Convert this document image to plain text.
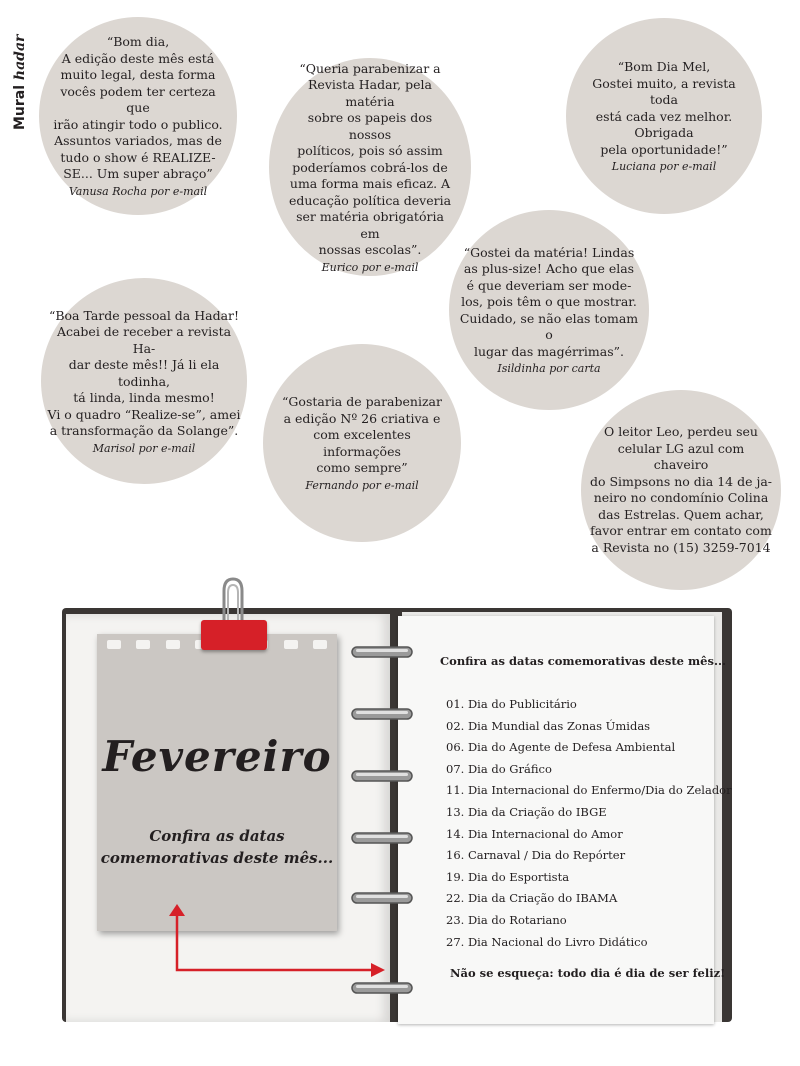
Mural hadar	“Bom dia,
A edição deste mês está
muito legal, desta forma
vocês podem ter certeza que
irão atingir todo o publico.
Assuntos variados, mas de
tudo o show é REALIZE-
SE... Um super abraço”
Vanusa Rocha por e-mail
“Queria parabenizar a
Revista Hadar, pela matéria
sobre os papeis dos nossos
políticos, pois só assim
poderíamos cobrá-los de
uma forma mais eficaz. A
educação política deveria
ser matéria obrigatória em
nossas escolas”.
Eurico por e-mail
“Bom Dia Mel,
Gostei muito, a revista toda
está cada vez melhor. Obrigada
pela oportunidade!”
Luciana por e-mail
“Gostei da matéria! Lindas
as plus-size! Acho que elas
é que deveriam ser mode-
los, pois têm o que mostrar.
Cuidado, se não elas tomam o
lugar das magérrimas”.
Isildinha por carta
“Boa Tarde pessoal da Hadar!
Acabei de receber a revista Ha-
dar deste mês!! Já li ela todinha,
tá linda, linda mesmo!
Vi o quadro “Realize-se”, amei
a transformação da Solange”.
Marisol por e-mail
“Gostaria de parabenizar
a edição Nº 26 criativa e
com excelentes informações
como sempre”
Fernando por e-mail
O leitor Leo, perdeu seu
celular LG azul com chaveiro
do Simpsons no dia 14 de ja-
neiro no condomínio Colina
das Estrelas. Quem achar,
favor entrar em contato com
a Revista no (15) 3259-7014
Fevereiro
Confira as datas
comemorativas deste mês...
Confira as datas comemorativas deste mês...
01. Dia do Publicitário
02. Dia Mundial das Zonas Úmidas
06. Dia do Agente de Defesa Ambiental
07. Dia do Gráfico
11. Dia Internacional do Enfermo/Dia do Zelador
13. Dia da Criação do IBGE
14. Dia Internacional do Amor
16. Carnaval / Dia do Repórter
19. Dia do Esportista
22. Dia da Criação do IBAMA
23. Dia do Rotariano
27. Dia Nacional do Livro Didático
Não se esqueça: todo dia é dia de ser feliz!
